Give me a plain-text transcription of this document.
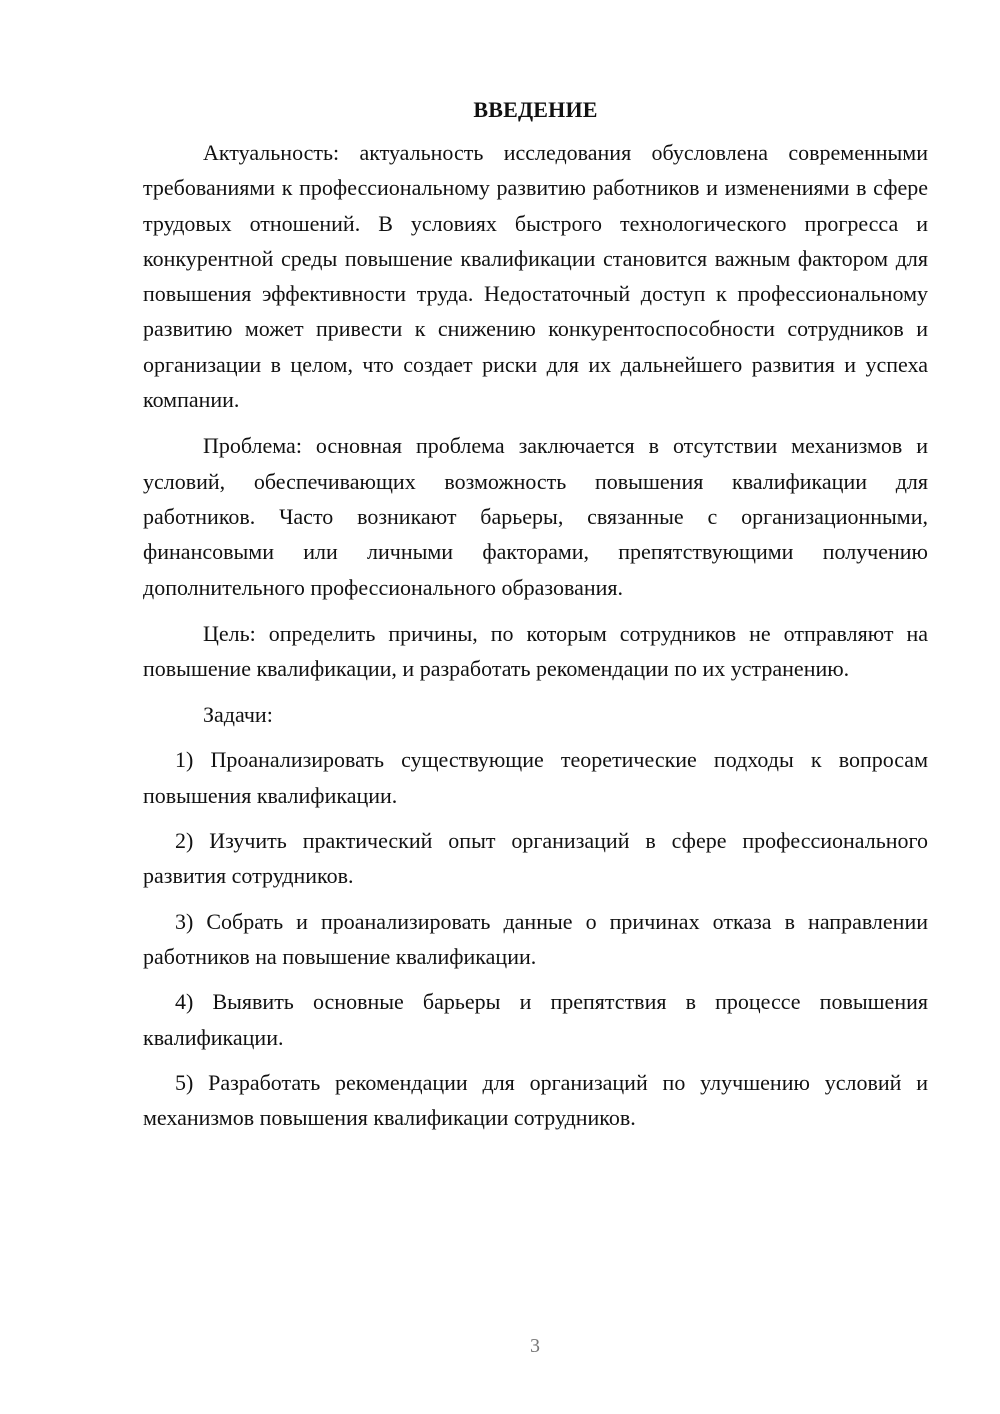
ВВЕДЕНИЕ

Актуальность: актуальность исследования обусловлена современными требованиями к профессиональному развитию работников и изменениями в сфере трудовых отношений. В условиях быстрого технологического прогресса и конкурентной среды повышение квалификации становится важным фактором для повышения эффективности труда. Недостаточный доступ к профессиональному развитию может привести к снижению конкурентоспособности сотрудников и организации в целом, что создает риски для их дальнейшего развития и успеха компании.

Проблема: основная проблема заключается в отсутствии механизмов и условий, обеспечивающих возможность повышения квалификации для работников. Часто возникают барьеры, связанные с организационными, финансовыми или личными факторами, препятствующими получению дополнительного профессионального образования.

Цель: определить причины, по которым сотрудников не отправляют на повышение квалификации, и разработать рекомендации по их устранению.

Задачи:

1) Проанализировать существующие теоретические подходы к вопросам повышения квалификации.

2) Изучить практический опыт организаций в сфере профессионального развития сотрудников.

3) Собрать и проанализировать данные о причинах отказа в направлении работников на повышение квалификации.

4) Выявить основные барьеры и препятствия в процессе повышения квалификации.

5) Разработать рекомендации для организаций по улучшению условий и механизмов повышения квалификации сотрудников.

3
